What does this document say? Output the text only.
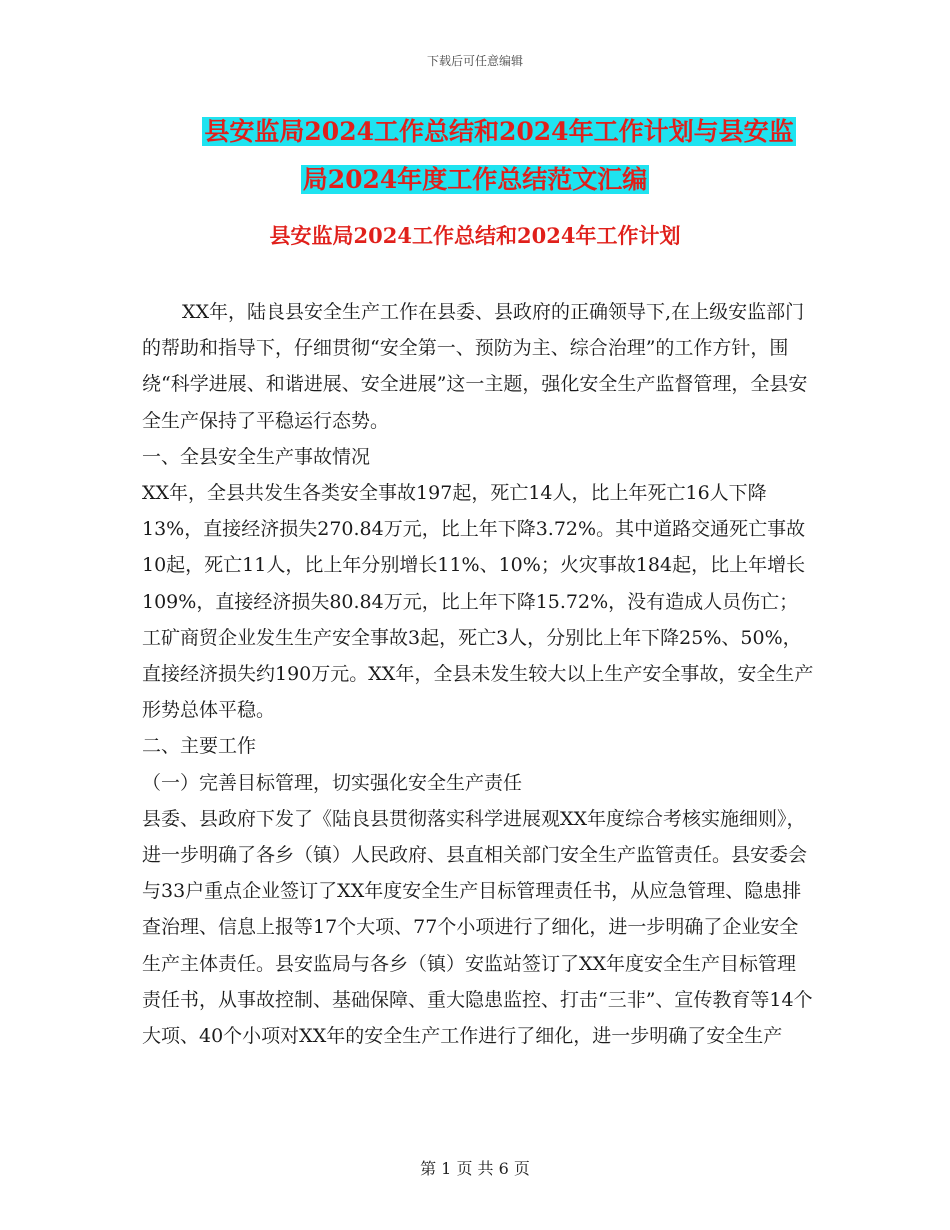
下载后可任意编辑
县安监局2024工作总结和2024年工作计划与县安监
局2024年度工作总结范文汇编
县安监局2024工作总结和2024年工作计划

XX年，陆良县安全生产工作在县委、县政府的正确领导下,在上级安监部门的帮助和指导下，仔细贯彻“安全第一、预防为主、综合治理”的工作方针，围绕“科学进展、和谐进展、安全进展”这一主题，强化安全生产监督管理，全县安全生产保持了平稳运行态势。

一、全县安全生产事故情况

XX年，全县共发生各类安全事故197起，死亡14人，比上年死亡16人下降13%，直接经济损失270.84万元，比上年下降3.72%。其中道路交通死亡事故10起，死亡11人，比上年分别增长11%、10%；火灾事故184起，比上年增长109%，直接经济损失80.84万元，比上年下降15.72%，没有造成人员伤亡；工矿商贸企业发生生产安全事故3起，死亡3人，分别比上年下降25%、50%，直接经济损失约190万元。XX年，全县未发生较大以上生产安全事故，安全生产形势总体平稳。

二、主要工作

（一）完善目标管理，切实强化安全生产责任

县委、县政府下发了《陆良县贯彻落实科学进展观XX年度综合考核实施细则》，进一步明确了各乡（镇）人民政府、县直相关部门安全生产监管责任。县安委会与33户重点企业签订了XX年度安全生产目标管理责任书，从应急管理、隐患排查治理、信息上报等17个大项、77个小项进行了细化，进一步明确了企业安全生产主体责任。县安监局与各乡（镇）安监站签订了XX年度安全生产目标管理责任书，从事故控制、基础保障、重大隐患监控、打击“三非”、宣传教育等14个大项、40个小项对XX年的安全生产工作进行了细化，进一步明确了安全生产

第 1 页 共 6 页
